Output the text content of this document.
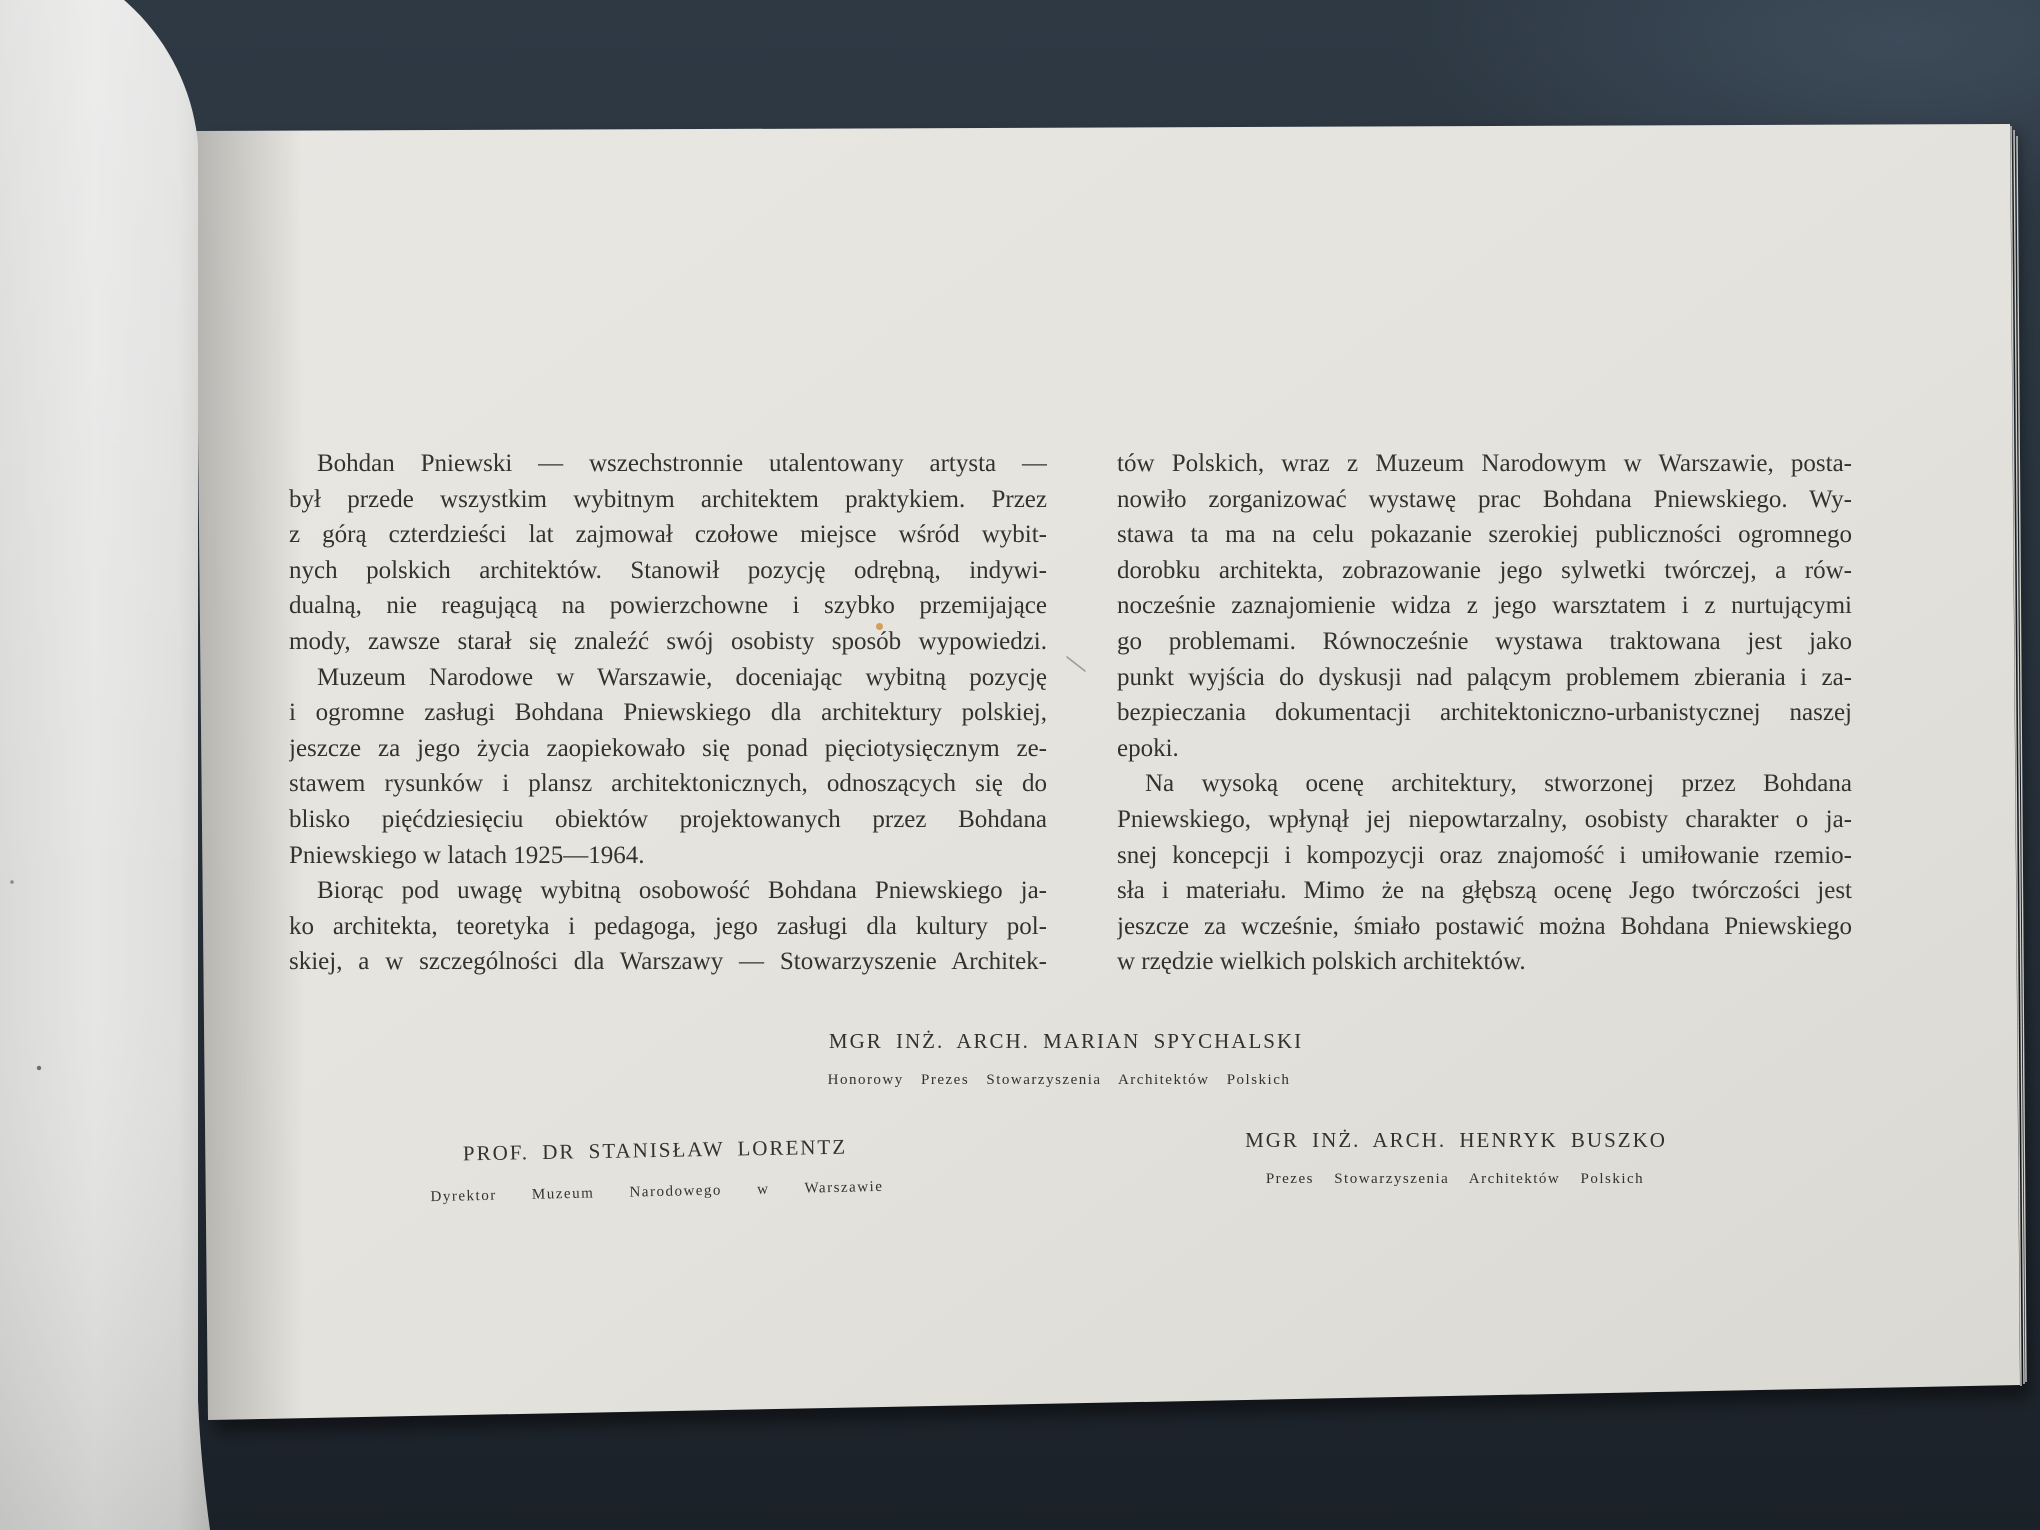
Bohdan Pniewski — wszechstronnie utalentowany artysta —
był przede wszystkim wybitnym architektem praktykiem. Przez
z górą czterdzieści lat zajmował czołowe miejsce wśród wybit-
nych polskich architektów. Stanowił pozycję odrębną, indywi-
dualną, nie reagującą na powierzchowne i szybko przemijające
mody, zawsze starał się znaleźć swój osobisty sposób wypowiedzi.
Muzeum Narodowe w Warszawie, doceniając wybitną pozycję
i ogromne zasługi Bohdana Pniewskiego dla architektury polskiej,
jeszcze za jego życia zaopiekowało się ponad pięciotysięcznym ze-
stawem rysunków i plansz architektonicznych, odnoszących się do
blisko pięćdziesięciu obiektów projektowanych przez Bohdana
Pniewskiego w latach 1925—1964.
Biorąc pod uwagę wybitną osobowość Bohdana Pniewskiego ja-
ko architekta, teoretyka i pedagoga, jego zasługi dla kultury pol-
skiej, a w szczególności dla Warszawy — Stowarzyszenie Architek-
tów Polskich, wraz z Muzeum Narodowym w Warszawie, posta-
nowiło zorganizować wystawę prac Bohdana Pniewskiego. Wy-
stawa ta ma na celu pokazanie szerokiej publiczności ogromnego
dorobku architekta, zobrazowanie jego sylwetki twórczej, a rów-
nocześnie zaznajomienie widza z jego warsztatem i z nurtującymi
go problemami. Równocześnie wystawa traktowana jest jako
punkt wyjścia do dyskusji nad palącym problemem zbierania i za-
bezpieczania dokumentacji architektoniczno-urbanistycznej naszej
epoki.
Na wysoką ocenę architektury, stworzonej przez Bohdana
Pniewskiego, wpłynął jej niepowtarzalny, osobisty charakter o ja-
snej koncepcji i kompozycji oraz znajomość i umiłowanie rzemio-
sła i materiału. Mimo że na głębszą ocenę Jego twórczości jest
jeszcze za wcześnie, śmiało postawić można Bohdana Pniewskiego
w rzędzie wielkich polskich architektów.
MGR INŻ. ARCH. MARIAN SPYCHALSKI
Honorowy Prezes Stowarzyszenia Architektów Polskich
PROF. DR STANISŁAW LORENTZ
Dyrektor Muzeum Narodowego w Warszawie
MGR INŻ. ARCH. HENRYK BUSZKO
Prezes Stowarzyszenia Architektów Polskich
